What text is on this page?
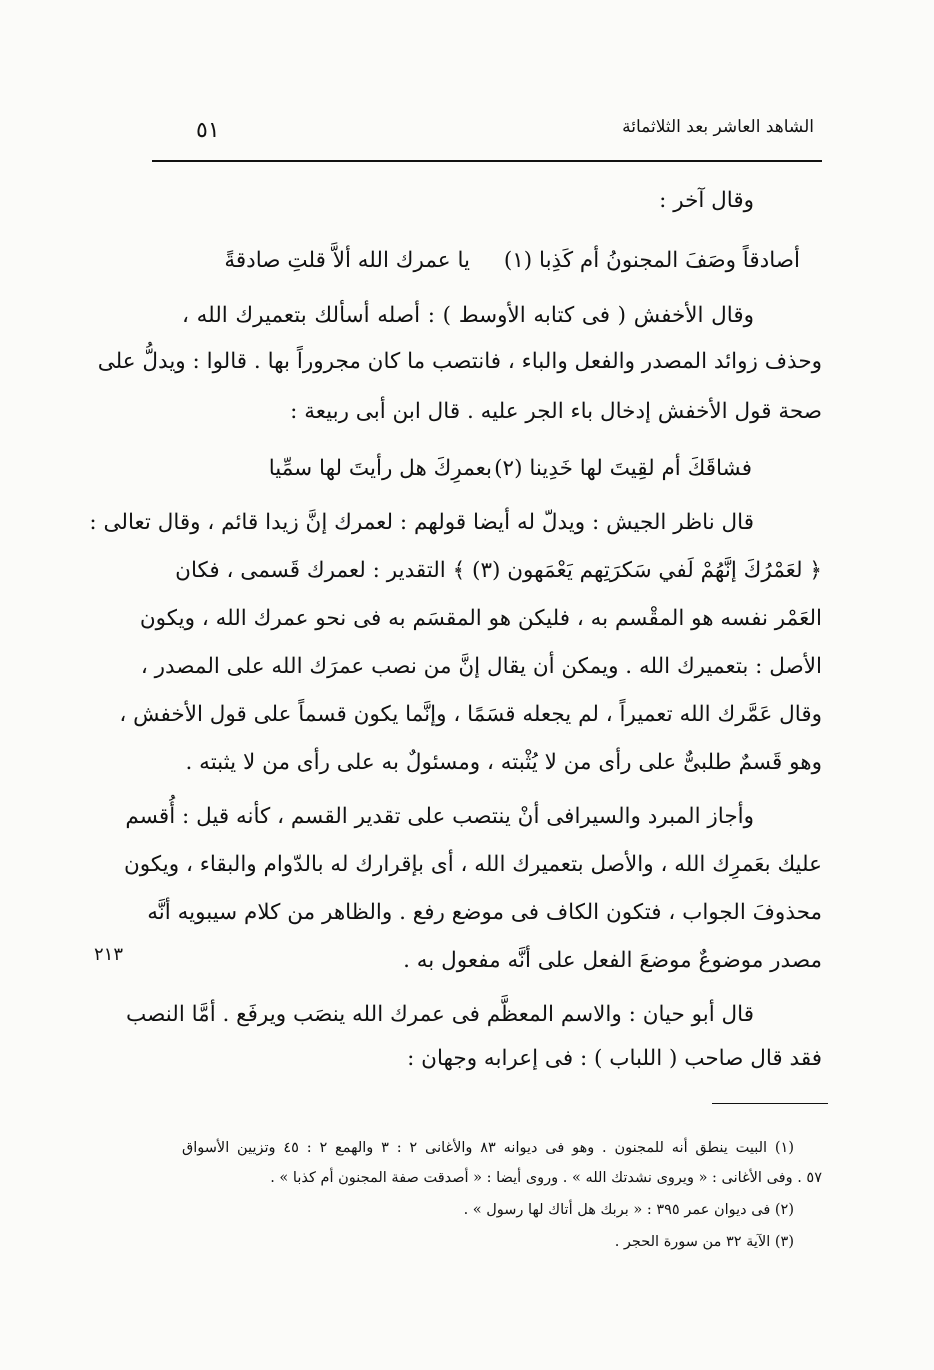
الشاهد العاشر بعد الثلاثمائة
٥١
٢١٣
وقال آخر :
يا عمرك الله ألاَّ قلتِ صادقةً أصادقاً وصَفَ المجنونُ أم كَذِبا (١)
وقال الأخفش ( فى كتابه الأوسط ) : أصله أسألك بتعميرك الله ،
وحذف زوائد المصدر والفعل والباء ، فانتصب ما كان مجروراً بها . قالوا : ويدلُّ على
صحة قول الأخفش إدخال باء الجر عليه . قال ابن أبى ربيعة :
بعمرِكَ هل رأيتَ لها سمِّيا فشاقَكَ أم لقِيتَ لها خَدِينا (٢)
قال ناظر الجيش : ويدلّ له أيضا قولهم : لعمرك إنَّ زيدا قائم ، وقال تعالى :
﴿ لعَمْرُكَ إنَّهُمْ لَفي سَكرَتِهم يَعْمَهون (٣) ﴾ التقدير : لعمرك قَسمى ، فكان
العَمْر نفسه هو المقْسم به ، فليكن هو المقسَم به فى نحو عمرك الله ، ويكون
الأصل : بتعميرك الله . ويمكن أن يقال إنَّ من نصب عمرَك الله على المصدر ،
وقال عَمَّرك الله تعميراً ، لم يجعله قسَمًا ، وإنَّما يكون قسماً على قول الأخفش ،
وهو قَسمٌ طلبىٌّ على رأى من لا يُثْبته ، ومسئولٌ به على رأى من لا يثبته .
وأجاز المبرد والسيرافى أنْ ينتصب على تقدير القسم ، كأنه قيل : أُقسم
عليك بعَمرِك الله ، والأصل بتعميرك الله ، أى بإقرارك له بالدّوام والبقاء ، ويكون
محذوفَ الجواب ، فتكون الكاف فى موضع رفع . والظاهر من كلام سيبويه أنَّه
مصدر موضوعٌ موضعَ الفعل على أنَّه مفعول به .
قال أبو حيان : والاسم المعظَّم فى عمرك الله ينصَب ويرفَع . أمَّا النصب
فقد قال صاحب ( اللباب ) : فى إعرابه وجهان :
(١) البيت ينطق أنه للمجنون . وهو فى ديوانه ٨٣ والأغانى ٢ : ٣ والهمع ٢ : ٤٥ وتزيين الأسواق
٥٧ . وفى الأغانى : « ويروى نشدتك الله » . وروى أيضا : « أصدقت صفة المجنون أم كذبا » .
(٢) فى ديوان عمر ٣٩٥ : « بربك هل أتاك لها رسول » .
(٣) الآية ٣٢ من سورة الحجر .
